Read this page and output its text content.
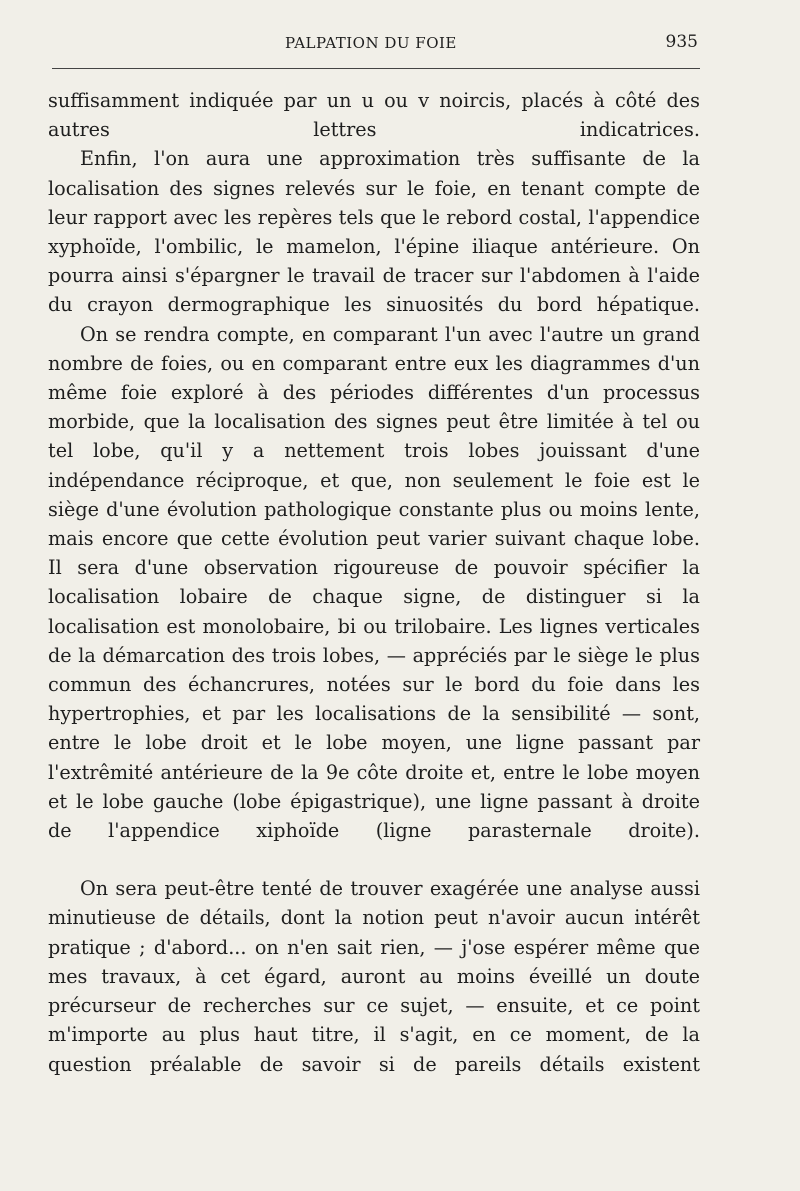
PALPATION DU FOIE	935

suffisamment indiquée par un u ou v noircis, placés à côté des autres lettres indicatrices.

Enfin, l'on aura une approximation très suffisante de la localisation des signes relevés sur le foie, en tenant compte de leur rapport avec les repères tels que le rebord costal, l'appendice xyphoïde, l'ombilic, le mamelon, l'épine iliaque antérieure. On pourra ainsi s'épargner le travail de tracer sur l'abdomen à l'aide du crayon dermographique les sinuosités du bord hépatique.

On se rendra compte, en comparant l'un avec l'autre un grand nombre de foies, ou en comparant entre eux les diagrammes d'un même foie exploré à des périodes différentes d'un processus morbide, que la localisation des signes peut être limitée à tel ou tel lobe, qu'il y a nettement trois lobes jouissant d'une indépendance réciproque, et que, non seulement le foie est le siège d'une évolution pathologique constante plus ou moins lente, mais encore que cette évolution peut varier suivant chaque lobe. Il sera d'une observation rigoureuse de pouvoir spécifier la localisation lobaire de chaque signe, de distinguer si la localisation est monolobaire, bi ou trilobaire. Les lignes verticales de la démarcation des trois lobes, — appréciés par le siège le plus commun des échancrures, notées sur le bord du foie dans les hypertrophies, et par les localisations de la sensibilité — sont, entre le lobe droit et le lobe moyen, une ligne passant par l'extrêmité antérieure de la 9e côte droite et, entre le lobe moyen et le lobe gauche (lobe épigastrique), une ligne passant à droite de l'appendice xiphoïde (ligne parasternale droite).

On sera peut-être tenté de trouver exagérée une analyse aussi minutieuse de détails, dont la notion peut n'avoir aucun intérêt pratique ; d'abord... on n'en sait rien, — j'ose espérer même que mes travaux, à cet égard, auront au moins éveillé un doute précurseur de recherches sur ce sujet, — ensuite, et ce point m'importe au plus haut titre, il s'agit, en ce moment, de la question préalable de savoir si de pareils détails existent
